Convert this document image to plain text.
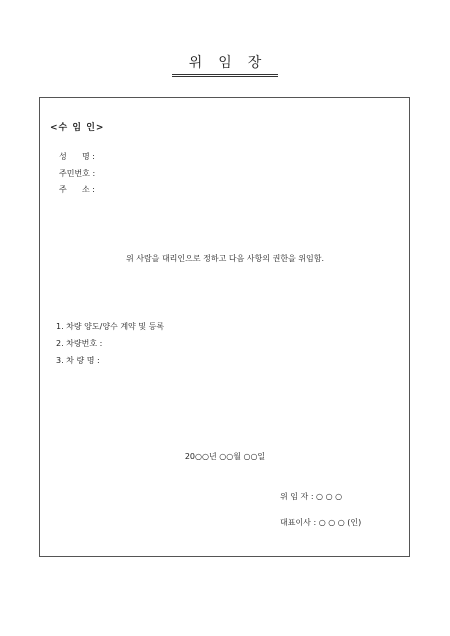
위임장
<수 임 인>
성      명 :
주민번호 :
주      소 :
위 사람을 대리인으로 정하고 다음 사항의 권한을 위임함.
1. 차량 양도/양수 계약 및 등록
2. 차량번호 :
3. 차 량 명 :
20○○년 ○○월 ○○일
위 임 자 : ○ ○ ○
대표이사 : ○ ○ ○ (인)
